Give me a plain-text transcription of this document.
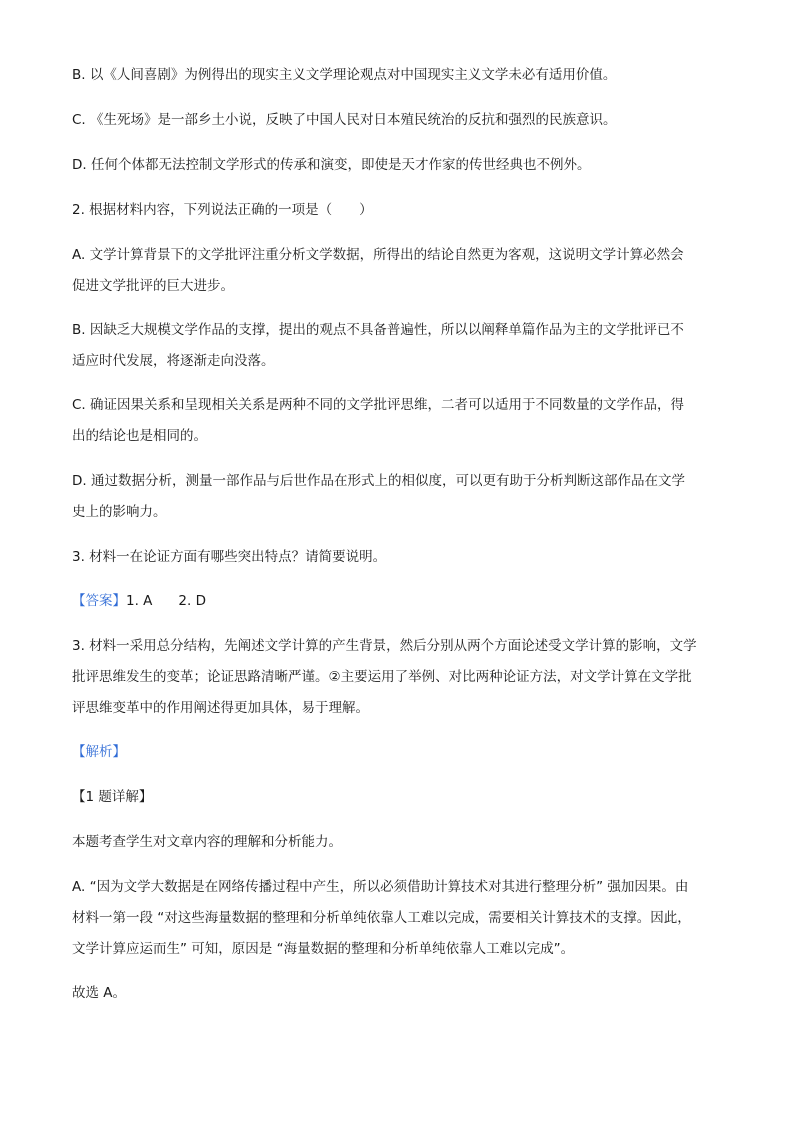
B. 以《人间喜剧》为例得出的现实主义文学理论观点对中国现实主义文学未必有适用价值。
C. 《生死场》是一部乡土小说，反映了中国人民对日本殖民统治的反抗和强烈的民族意识。
D. 任何个体都无法控制文学形式的传承和演变，即使是天才作家的传世经典也不例外。
2. 根据材料内容，下列说法正确的一项是（　　）
A. 文学计算背景下的文学批评注重分析文学数据，所得出的结论自然更为客观，这说明文学计算必然会
促进文学批评的巨大进步。
B. 因缺乏大规模文学作品的支撑，提出的观点不具备普遍性，所以以阐释单篇作品为主的文学批评已不
适应时代发展，将逐渐走向没落。
C. 确证因果关系和呈现相关关系是两种不同的文学批评思维，二者可以适用于不同数量的文学作品，得
出的结论也是相同的。
D. 通过数据分析，测量一部作品与后世作品在形式上的相似度，可以更有助于分析判断这部作品在文学
史上的影响力。
3. 材料一在论证方面有哪些突出特点？请简要说明。
【答案】1. A 2. D
3. 材料一采用总分结构，先阐述文学计算的产生背景，然后分别从两个方面论述受文学计算的影响，文学
批评思维发生的变革；论证思路清晰严谨。②主要运用了举例、对比两种论证方法，对文学计算在文学批
评思维变革中的作用阐述得更加具体，易于理解。
【解析】
【1 题详解】
本题考查学生对文章内容的理解和分析能力。
A. “因为文学大数据是在网络传播过程中产生，所以必须借助计算技术对其进行整理分析” 强加因果。由
材料一第一段 “对这些海量数据的整理和分析单纯依靠人工难以完成，需要相关计算技术的支撑。因此，
文学计算应运而生” 可知，原因是 “海量数据的整理和分析单纯依靠人工难以完成”。
故选 A。
